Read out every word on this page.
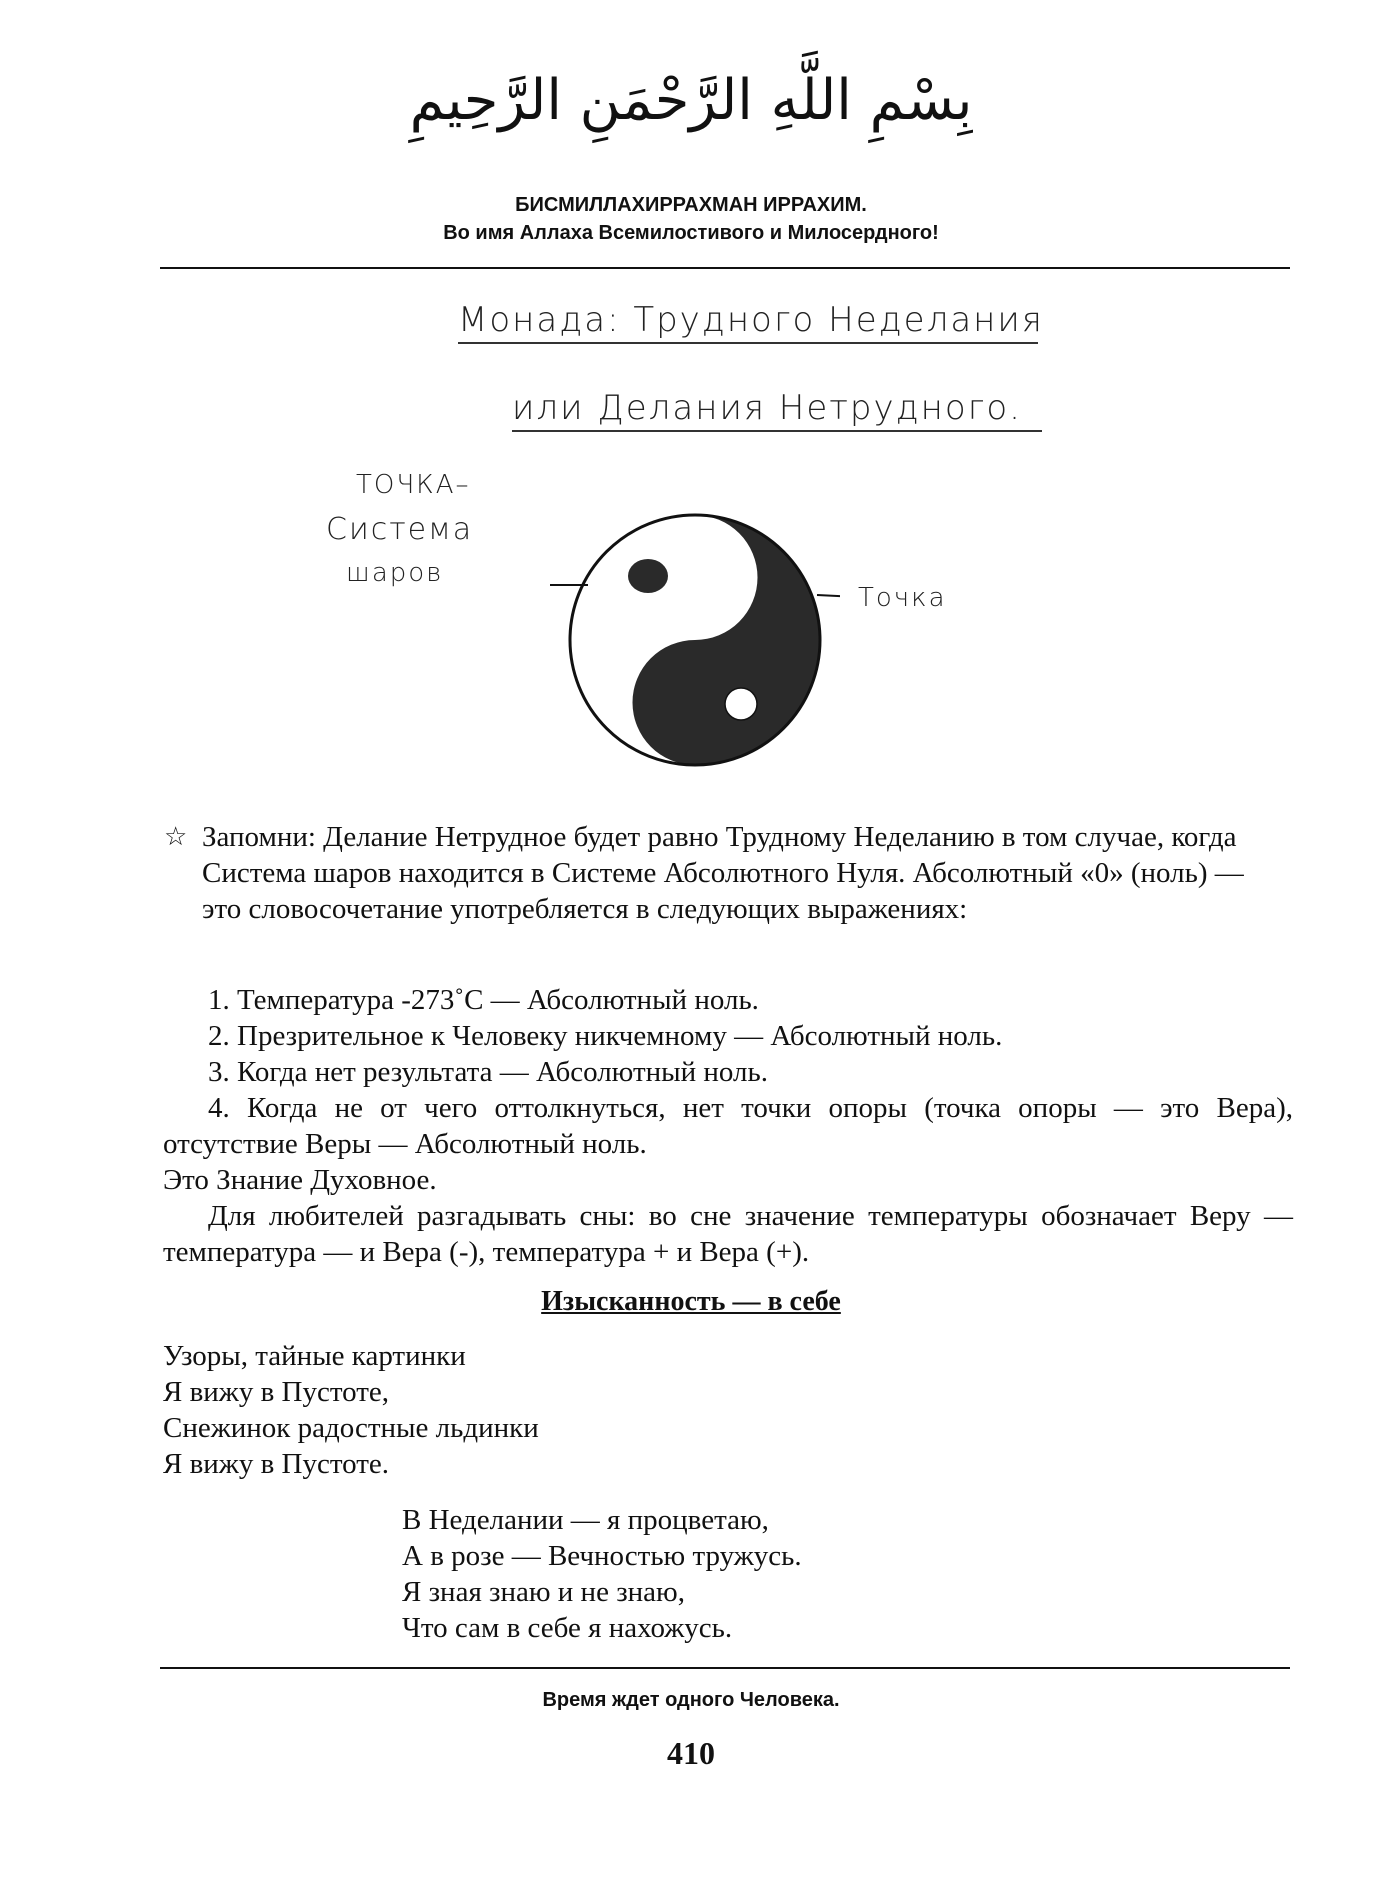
بِسْمِ اللَّهِ الرَّحْمَنِ الرَّحِيمِ
БИСМИЛЛАХИРРАХМАН ИРРАХИМ.
Во имя Аллаха Всемилостивого и Милосердного!
Монада: Трудного Неделания
или Делания Нетрудного.
ТОЧКА–
Система
шаров
Точка
☆ Запомни: Делание Нетрудное будет равно Трудному Неделанию в том случае, когда Система шаров находится в Системе Абсолютного Нуля. Абсолютный «0» (ноль) — это словосочетание употребляется в следующих выражениях:

1. Температура -273˚С — Абсолютный ноль.

2. Презрительное к Человеку никчемному — Абсолютный ноль.

3. Когда нет результата — Абсолютный ноль.

4. Когда не от чего оттолкнуться, нет точки опоры (точка опоры — это Вера), отсутствие Веры — Абсолютный ноль.

Это Знание Духовное.

Для любителей разгадывать сны: во сне значение температуры обозначает Веру — температура — и Вера (-), температура + и Вера (+).

Изысканность — в себе

Узоры, тайные картинки

Я вижу в Пустоте,

Снежинок радостные льдинки

Я вижу в Пустоте.

В Неделании — я процветаю,

А в розе — Вечностью тружусь.

Я зная знаю и не знаю,

Что сам в себе я нахожусь.

Время ждет одного Человека.
410
